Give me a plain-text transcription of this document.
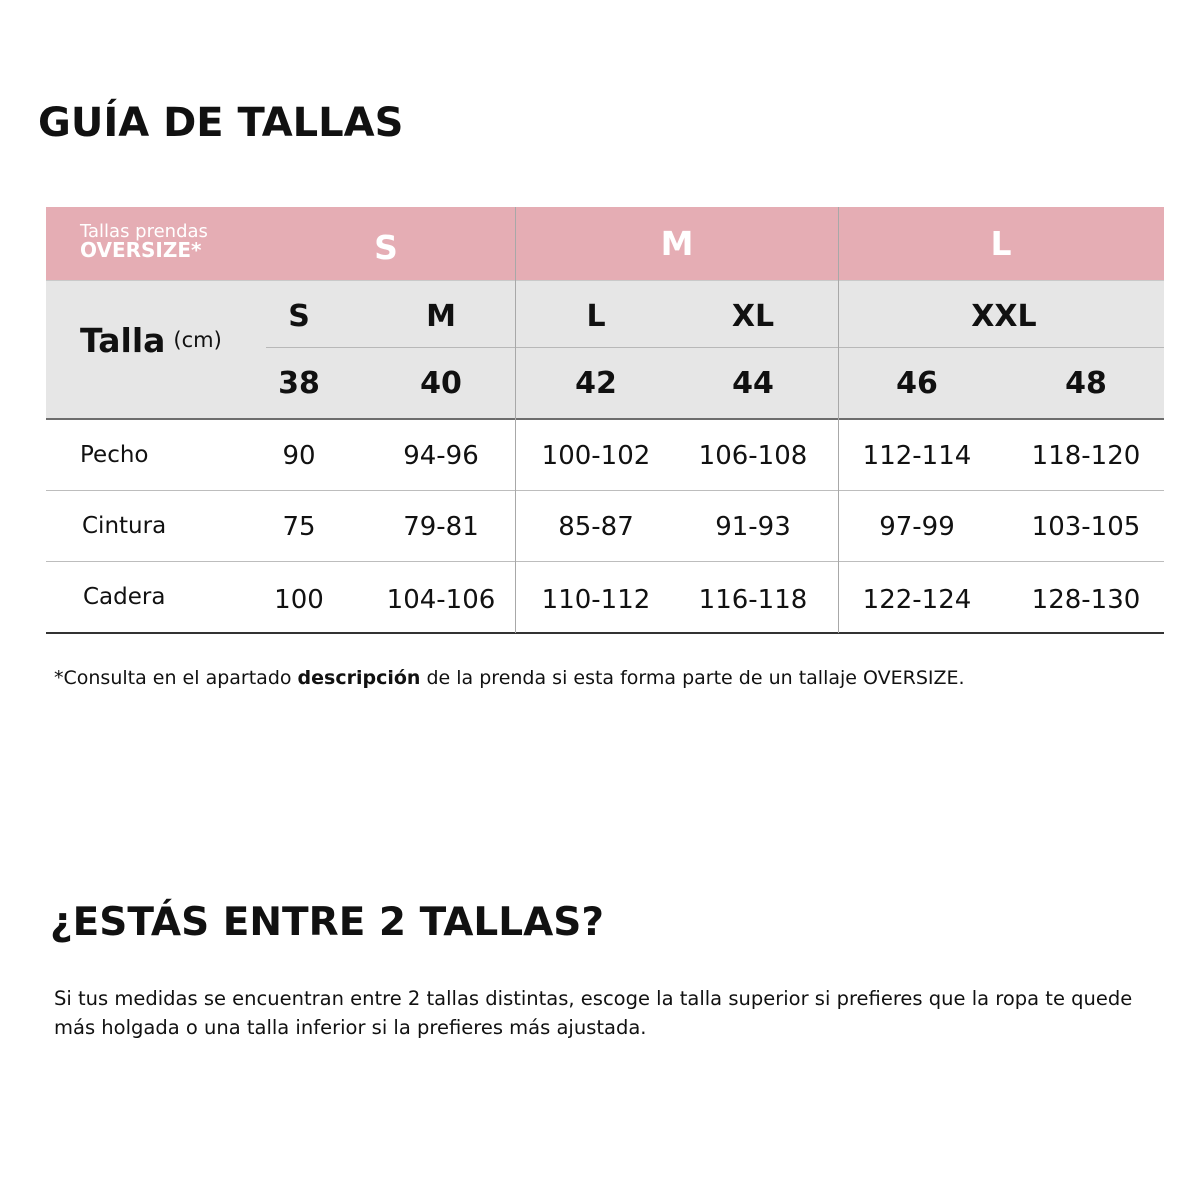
GUÍA DE TALLAS
Tallas prendas
OVERSIZE*	S	M	L
Talla (cm)
S	M	L	XL	XXL
38	40	42	44	46	48
Pecho	90	94-96	100-102 106-108 112-114 118-120
Cintura	75	79-81	85-87	91-93	97-99	103-105
Cadera	100	104-106 110-112 116-118 122-124 128-130
*Consulta en el apartado descripción de la prenda si esta forma parte de un tallaje OVERSIZE.
¿ESTÁS ENTRE 2 TALLAS?

Si tus medidas se encuentran entre 2 tallas distintas, escoge la talla superior si prefieres que la ropa te quede más holgada o una talla inferior si la prefieres más ajustada.
